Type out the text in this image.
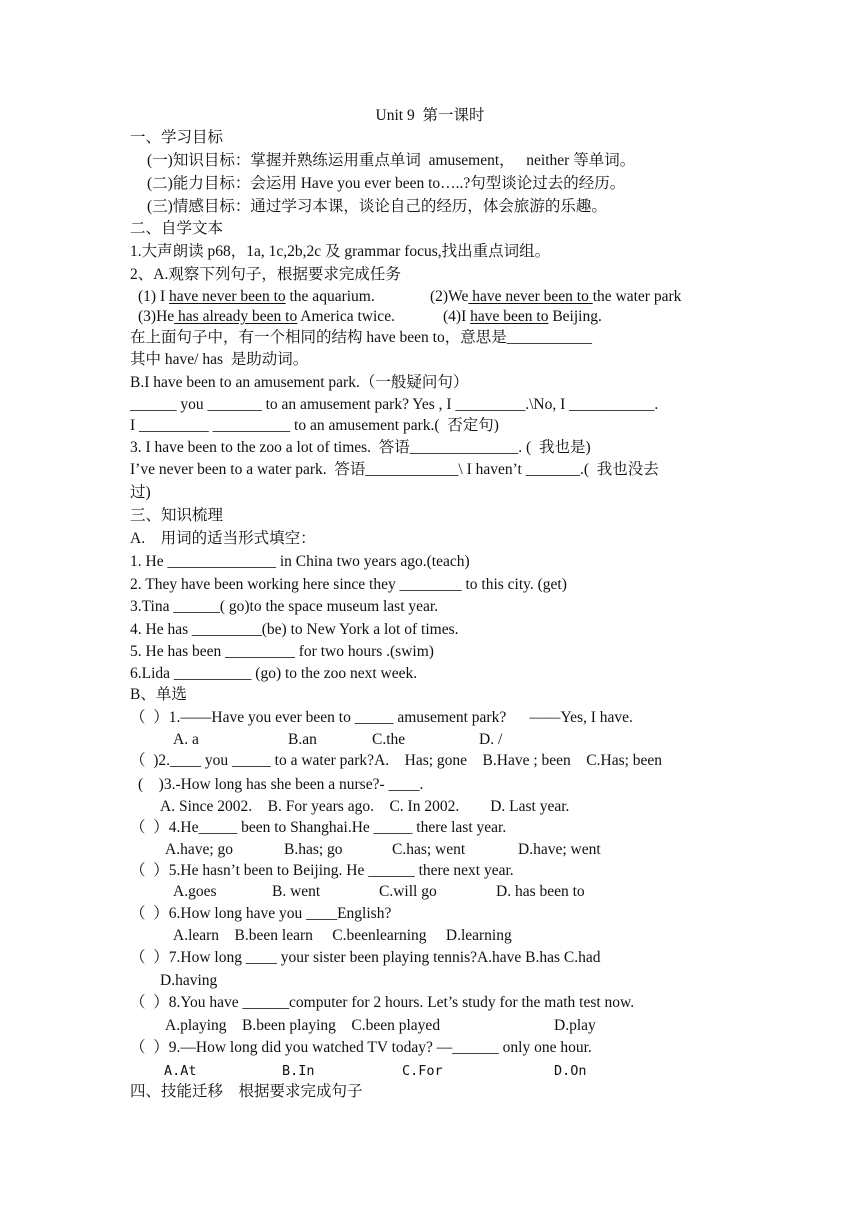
Unit 9  第一课时
一、学习目标
(一)知识目标：掌握并熟练运用重点单词  amusement，   neither 等单词。
(二)能力目标：会运用 Have you ever been to…..?句型谈论过去的经历。
(三)情感目标：通过学习本课，谈论自己的经历，体会旅游的乐趣。
二、自学文本
1.大声朗读 p68，1a, 1c,2b,2c 及 grammar focus,找出重点词组。
2、A.观察下列句子，根据要求完成任务
(1) I have never been to the aquarium.	(2)We have never been to the water park
(3)He has already been to America twice.	(4)I have been to Beijing.
在上面句子中，有一个相同的结构 have been to，意思是___________
其中 have/ has  是助动词。
B.I have been to an amusement park.（一般疑问句）
______ you _______ to an amusement park? Yes , I _________.\No, I ___________.
I _________ __________ to an amusement park.(  否定句)
3. I have been to the zoo a lot of times.  答语______________. (  我也是)
I’ve never been to a water park.  答语____________\ I haven’t _______.(  我也没去
过)
三、知识梳理
A.    用词的适当形式填空：
1. He ______________ in China two years ago.(teach)
2. They have been working here since they ________ to this city. (get)
3.Tina ______( go)to the space museum last year.
4. He has _________(be) to New York a lot of times.
5. He has been _________ for two hours .(swim)
6.Lida __________ (go) to the zoo next week.
B、单选
（  ）1.——Have you ever been to _____ amusement park?      ——Yes, I have.
A. a	B.an	C.the	D. /
（  )2.____ you _____ to a water park?A.    Has; gone    B.Have ; been    C.Has; been
(    )3.-How long has she been a nurse?- ____.
A. Since 2002.    B. For years ago.    C. In 2002.        D. Last year.
（  ）4.He_____ been to Shanghai.He _____ there last year.
A.have; go	B.has; go	C.has; went	D.have; went
（  ）5.He hasn’t been to Beijing. He ______ there next year.
A.goes	B. went	C.will go	D. has been to
（  ）6.How long have you ____English?
A.learn    B.been learn     C.beenlearning     D.learning
（  ）7.How long ____ your sister been playing tennis?A.have B.has C.had
D.having
（  ）8.You have ______computer for 2 hours. Let’s study for the math test now.
A.playing    B.been playing    C.been played	D.play
（  ）9.—How long did you watched TV today? —______ only one hour.
A.At	B.In	C.For	D.On
四、技能迁移    根据要求完成句子
